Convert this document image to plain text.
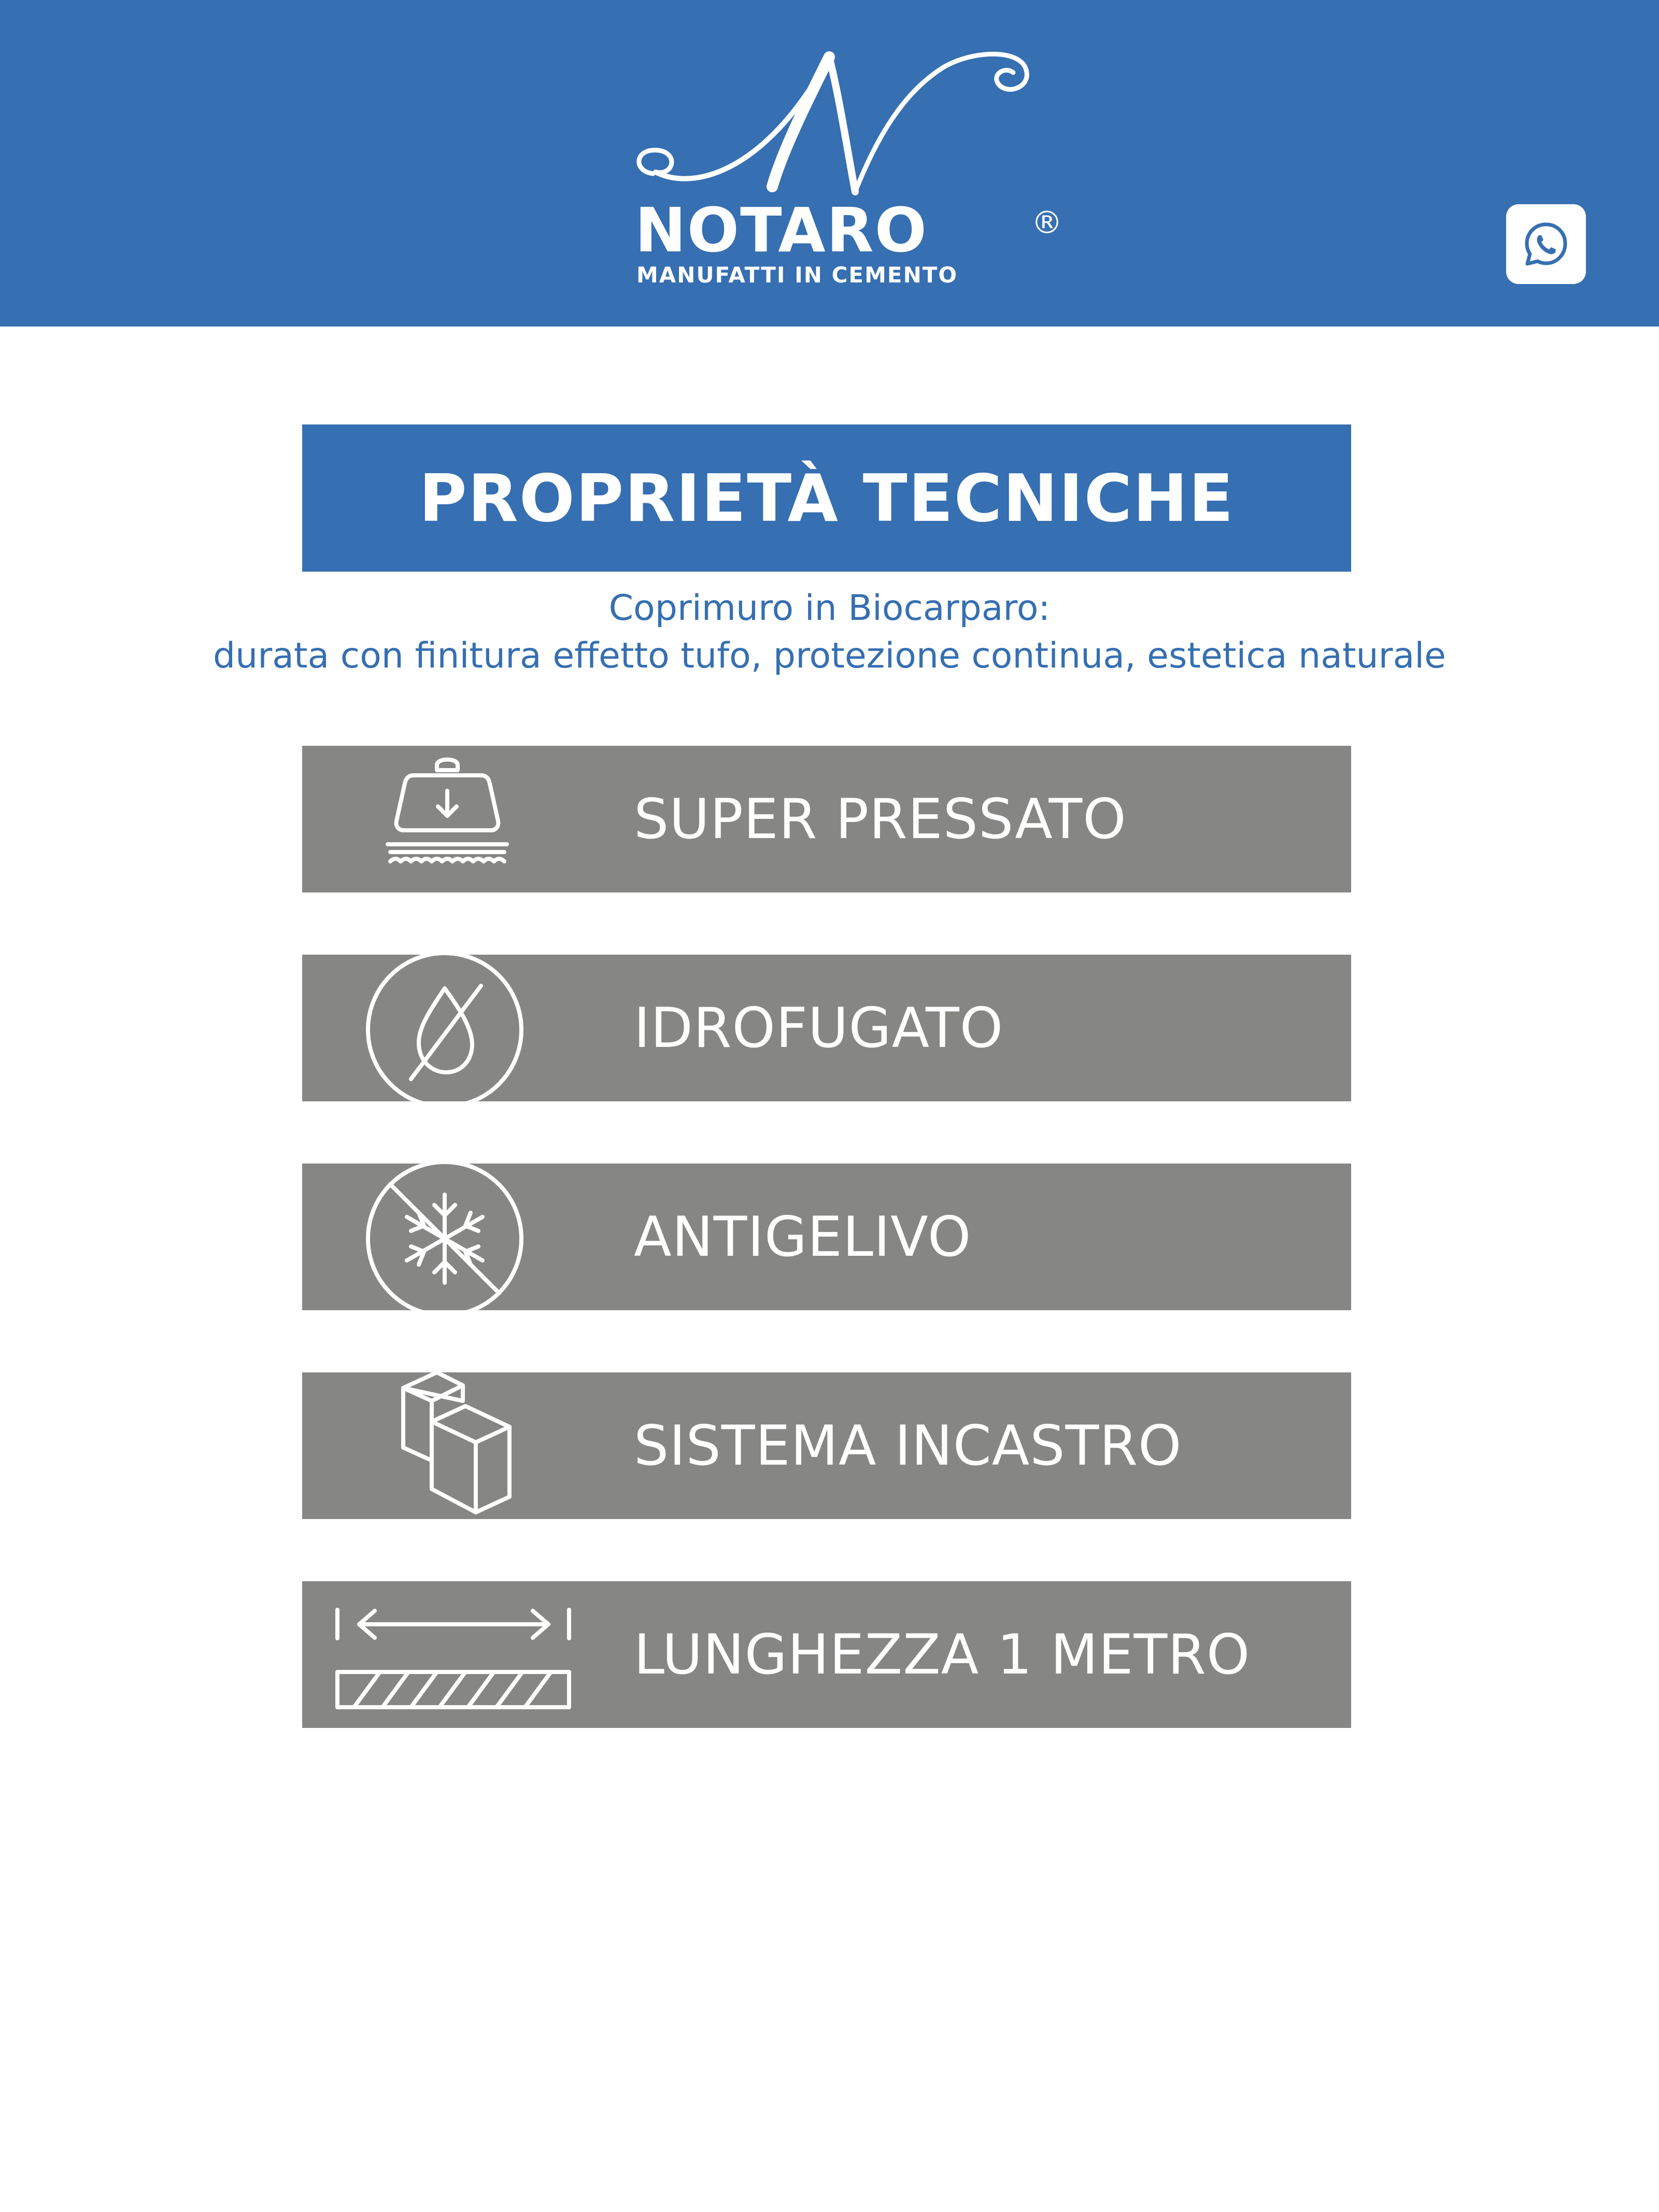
NOTARO	®
MANUFATTI IN CEMENTO
PROPRIETÀ TECNICHE
Coprimuro in Biocarparo:
durata con finitura effetto tufo, protezione continua, estetica naturale
SUPER PRESSATO
IDROFUGATO
ANTIGELIVO
SISTEMA INCASTRO
LUNGHEZZA 1 METRO
